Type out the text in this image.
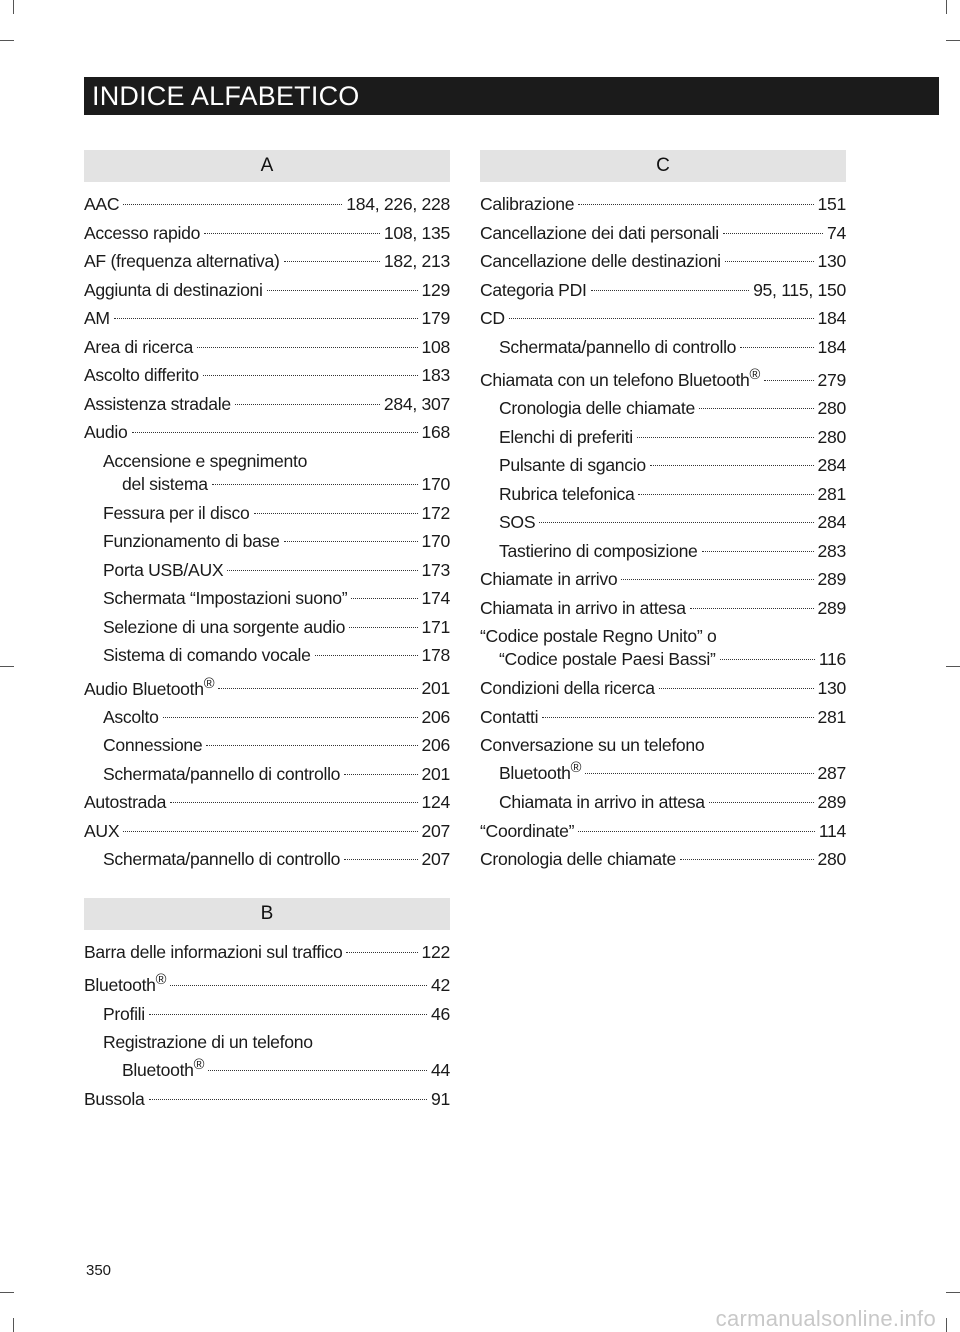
INDICE ALFABETICO
A
AAC	184, 226, 228
Accesso rapido	108, 135
AF (frequenza alternativa)	182, 213
Aggiunta di destinazioni	129
AM	179
Area di ricerca	108
Ascolto differito	183
Assistenza stradale	284, 307
Audio	168
Accensione e spegnimento
del sistema	170
Fessura per il disco	172
Funzionamento di base	170
Porta USB/AUX	173
Schermata “Impostazioni suono”	174
Selezione di una sorgente audio	171
Sistema di comando vocale	178
Audio Bluetooth®	201
Ascolto	206
Connessione	206
Schermata/pannello di controllo	201
Autostrada	124
AUX	207
Schermata/pannello di controllo	207
B
Barra delle informazioni sul traffico	122
Bluetooth®	42
Profili	46
Registrazione di un telefono
Bluetooth®	44
Bussola	91
C
Calibrazione	151
Cancellazione dei dati personali	74
Cancellazione delle destinazioni	130
Categoria PDI	95, 115, 150
CD	184
Schermata/pannello di controllo	184
Chiamata con un telefono Bluetooth®	279
Cronologia delle chiamate	280
Elenchi di preferiti	280
Pulsante di sgancio	284
Rubrica telefonica	281
SOS	284
Tastierino di composizione	283
Chiamate in arrivo	289
Chiamata in arrivo in attesa	289
“Codice postale Regno Unito” o
“Codice postale Paesi Bassi”	116
Condizioni della ricerca	130
Contatti	281
Conversazione su un telefono
Bluetooth®	287
Chiamata in arrivo in attesa	289
“Coordinate”	114
Cronologia delle chiamate	280
350
carmanualsonline.info
